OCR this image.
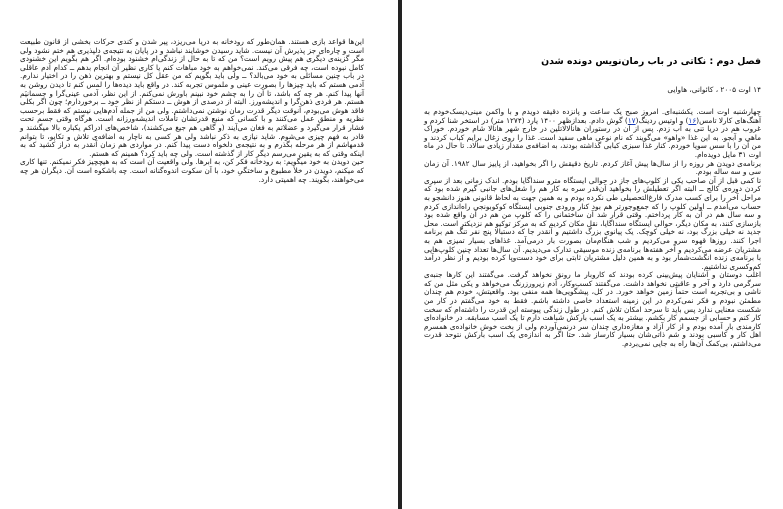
این‌ها قواعد بازی هستند. همان‌طور که رودخانه به دریا می‌ریزد، پیر شدن و کندی حرکات بخشی از قانون طبیعت است و چاره‌ای جز پذیرش آن نیست. شاید رسیدن خوشایند نباشد و در پایان به نتیجه‌ی دلپذیری هم ختم نشود ولی مگر گزینه‌ی دیگری هم پیش رویم است؟ من که تا به حال از زندگی‌ام خشنود بوده‌ام. اگر هم بگویم این خشنودی کامل نبوده است، چه فرقی می‌کند. نمی‌خواهم به خود مباهات کنم یا کاری نظیر آن انجام بدهم ــ کدام آدم عاقلی در باب چنین مسائلی به خود می‌بالد؟ ــ ولی باید بگویم که من عقل کل نیستم و بهترین ذهن را در اختیار ندارم. آدمی هستم که باید چیزها را بصورت عینی و ملموس تجربه کند. در واقع باید دیده‌ها را لمس کنم تا ديدن روشن به آنها پیدا کنم. هر چه که باشد، تا آن را به چشم خود نبینم باورش نمی‌کنم. از این نظر، آدمی عینی‌گرا و جسمانیَم هستم. هر فردی ذهن‌گرا و اندیشه‌ورز. البته از درصدی از هوش ــ دستکم از نظر خود ــ برخوردارم؛ چون اگر بکلی فاقد هوش می‌بودم، آنوقت دیگر قدرت رمان نوشتن نمی‌داشتم. ولی من از جمله آدم‌هایی نیستم که فقط برحسب نظریه و منطق عمل می‌کنند و با کسانی که منبع قدرتشان تأملات اندیشه‌ورزانه است. هرگاه وقتی جسم تحت فشار قرار می‌گیرد و عضلاتم به فغان می‌آیند (و گاهی هم جیغ می‌کشند)، شاخص‌های ادراکم یکباره بالا میگشند و قادر به فهم چیزی می‌شوم. شاید نیازی به ذکر نباشد ولی هر کسی به ناچار به اضافه‌ی تلاش و تکاپو، تا بتوانم قدمهاشم از هر مرحله بگذرم و به نتیجه‌ی دلخواه دست پیدا کنم. در مواردی هم زمان آنقدر به دراز کشید که به اینکه وقتی که به یقین می‌رسم دیگر کار از گذشته است. ولی چه باید کرد؟ همینم که هستم.

حین دویدن به خود میگویم: به رودخانه فکر کن، به ابرها. ولی واقعیت آن است که به هیچچیز فکر نمیکنم. تنها کاری که میکنم، دویدن در خلأ مطبوع و ساختگیِ خود، با آن سکوت اندوه‌گنانه است. چه باشکوه است آن. دیگران هر چه می‌خواهند، بگویند. چه اهمیتی دارد.

فصل دوم : نکاتی در باب رمان‌نویس دونده شدن
۱۴ اوت ۲۰۰۵ ، کائوانی، هاوایی

چهارشنبه اوت است. یکشنبه‌ای. امروز صبح یک ساعت و پانزده دقیقه دویدم و با واکمن مینی‌دیسک‌خودم به آهنگ‌های کارلا تامس(۱۶) و اوتیس ردینگ(۱۷) گوش دادم. بعدازظهر ۱۴۰۰ یارد (۱۲۷۴ متر) در استخر شنا کردم و غروب هم در دریا تنی به آب زدم. پس از آن در رستوران هانالالاتلین در خارج شهر هانالا شام خوردم. خوراک ماهی و آبجو. به این غذا «واهو» می‌گویند که نام نوعی ماهی سفید است. غذا را روی زغال برایم کباب کردند و من آن را با سس سویا خوردم. کنار غذا سبزی کبابی گذاشته بودند، به اضافه‌ی مقدار زیادی سالاد. تا حال در ماه اوت ۳۱ مایل دویده‌ام.

برنامه‌ی دویدن هر روزه را از سال‌ها پیش آغاز کردم. تاریخ دقیقش را اگر بخواهید، از پاییز سال ۱۹۸۲. آن زمان سی و سه ساله بودم.

تا کمی قبل از آن صاحب یکی از کلوپ‌های جاز در حوالی ایستگاه مترو سنداگایا بودم. اندک زمانی بعد از سپری کردن دوره‌ی کالج ــ البته اگر تعطیلش را بخواهید آن‌قدر سره به کار هم را شغل‌های جانبی گیرم شده بود که مراحل آخر را برای کسب مدرک فارغ‌التحصیلی طی نکرده بودم و به همین جهت به لحاظ قانونی هنوز دانشجو به حساب می‌آمدم ــ اولین کلوپ را که جمع‌وجور‌تر هم بود کنار ورودی جنوبی ایستگاه کوکوبونجی راه‌اندازی کردم و سه سال هم در آن به کار پرداختم. وقتی قرار شد آن ساختمانی را که کلوپ من هم در آن واقع شده بود بازسازی کنند، به مکان دیگر، حوالی ایستگاه سنداگایا، نقل مکان کردیم که به مرکز توکیو هم نزدیکتر است. محل جدید نه خیلی بزرگ بود، نه خیلی کوچک. یک پیانوی بزرگ داشتیم و آنقدر جا که دستبالا پنج نفر تنگ هم برنامه اجرا کنند. روزها قهوه سرو می‌کردیم و شب هنگام‌مان بصورت بار درمی‌آمد. غذاهای بسیار تمیزی هم به مشتریان عرضه می‌کردیم و آخر هفته‌ها برنامه‌ی زنده موسیقی تدارک می‌دیدیم. آن سال‌ها تعداد چنین کلوپ‌هایی با برنامه‌ی زنده انگشت‌شمار بود و به همین دلیل مشتریان ثابتی برای خود دست‌وپا کرده بودیم و از نظر درآمد کم‌وکسری نداشتیم.

اغلب دوستان و آشنایان پیش‌بینی کرده بودند که کاروبار ما رونق نخواهد گرفت. می‌گفتند این کارها جنبه‌ی سرگرمی دارد و آخر و عاقبتی نخواهد داشت. می‌گفتند کسب‌وکار، آدم زیرورزرنگ می‌خواهد و یکی مثل من که ناشی و بی‌تجربه است حتماً زمین خواهد خورد. در کل، پیشگویی‌ها همه منفی بود. واقعیتش، خودم هم چندان مطمئن نبودم و فکر نمی‌کردم در این زمینه استعداد خاصی داشته باشم. فقط به خود می‌گفتم در کار من شکست معنایی ندارد پس باید تا سرحد امکان تلاش کنم. در طول زندگی پیوسته این قدرت را داشته‌ام که سخت کار کنم و حسابی از جسمم کار بکشم. بیشتر به یک اسب بارکش شباهت دارم تا یک اسب مسابقه. در خانواده‌ای کارمندی بار آمده بودم و از کار آزاد و مغازه‌داری چندان سر درنمی‌آوردم ولی از بخت خوش خانواده‌ی همسرم اهل کار و کاسبی بودند و شم ذاتی‌شان بسیار کارساز شد. حتا اگر به اندازه‌ی یک اسب بارکش نتوحد قدرت می‌داشتم، بی‌کمک آن‌ها راه به جایی نمی‌بردم.
